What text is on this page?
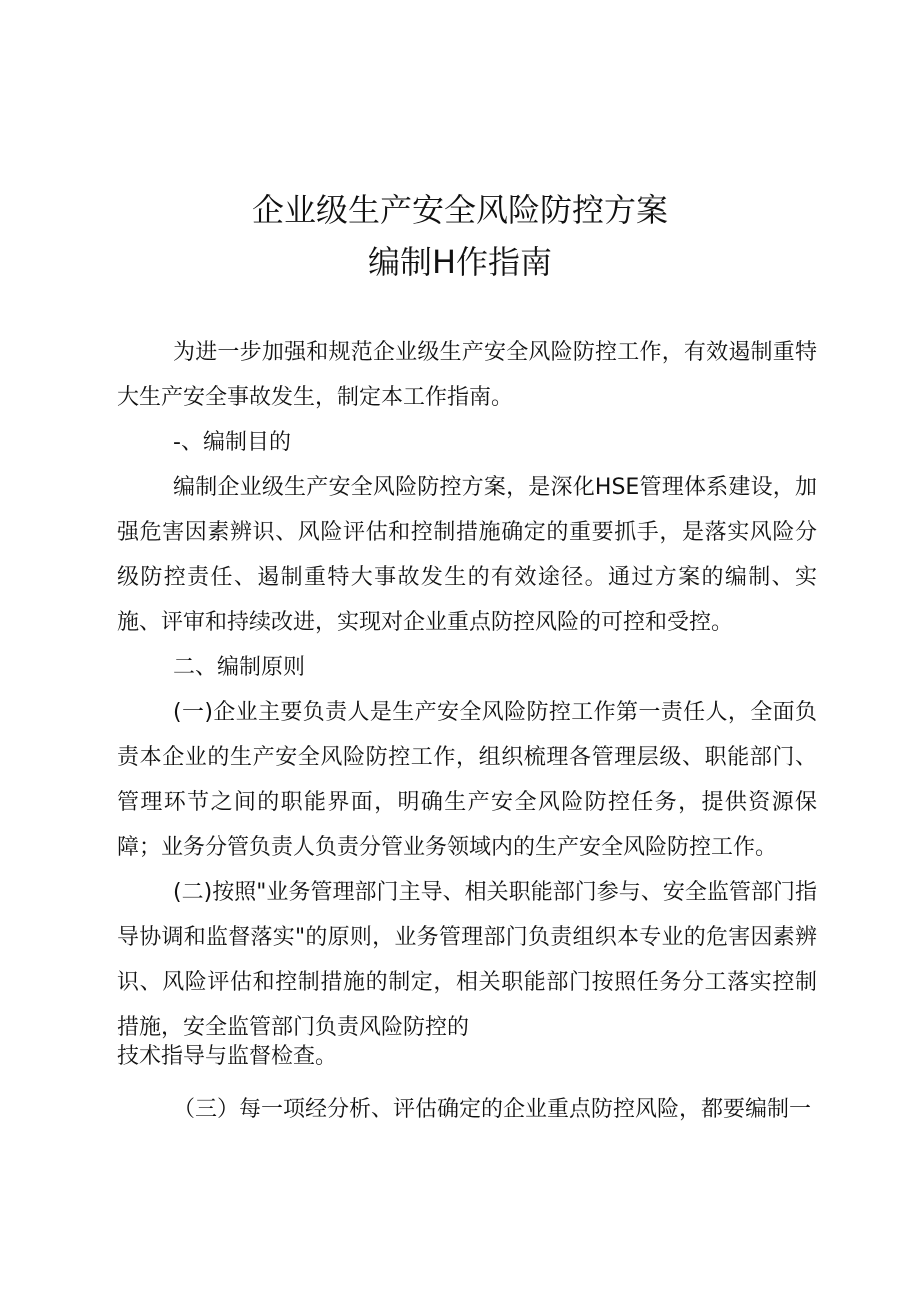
企业级生产安全风险防控方案
编制H作指南

为进一步加强和规范企业级生产安全风险防控工作，有效遏制重特大生产安全事故发生，制定本工作指南。

-、编制目的

编制企业级生产安全风险防控方案，是深化HSE管理体系建设，加强危害因素辨识、风险评估和控制措施确定的重要抓手，是落实风险分级防控责任、遏制重特大事故发生的有效途径。通过方案的编制、实施、评审和持续改进，实现对企业重点防控风险的可控和受控。

二、编制原则

(一)企业主要负责人是生产安全风险防控工作第一责任人，全面负责本企业的生产安全风险防控工作，组织梳理各管理层级、职能部门、管理环节之间的职能界面，明确生产安全风险防控任务，提供资源保障；业务分管负责人负责分管业务领域内的生产安全风险防控工作。

(二)按照"业务管理部门主导、相关职能部门参与、安全监管部门指导协调和监督落实"的原则，业务管理部门负责组织本专业的危害因素辨识、风险评估和控制措施的制定，相关职能部门按照任务分工落实控制措施，安全监管部门负责风险防控的

技术指导与监督检查。

（三）每一项经分析、评估确定的企业重点防控风险，都要编制一
